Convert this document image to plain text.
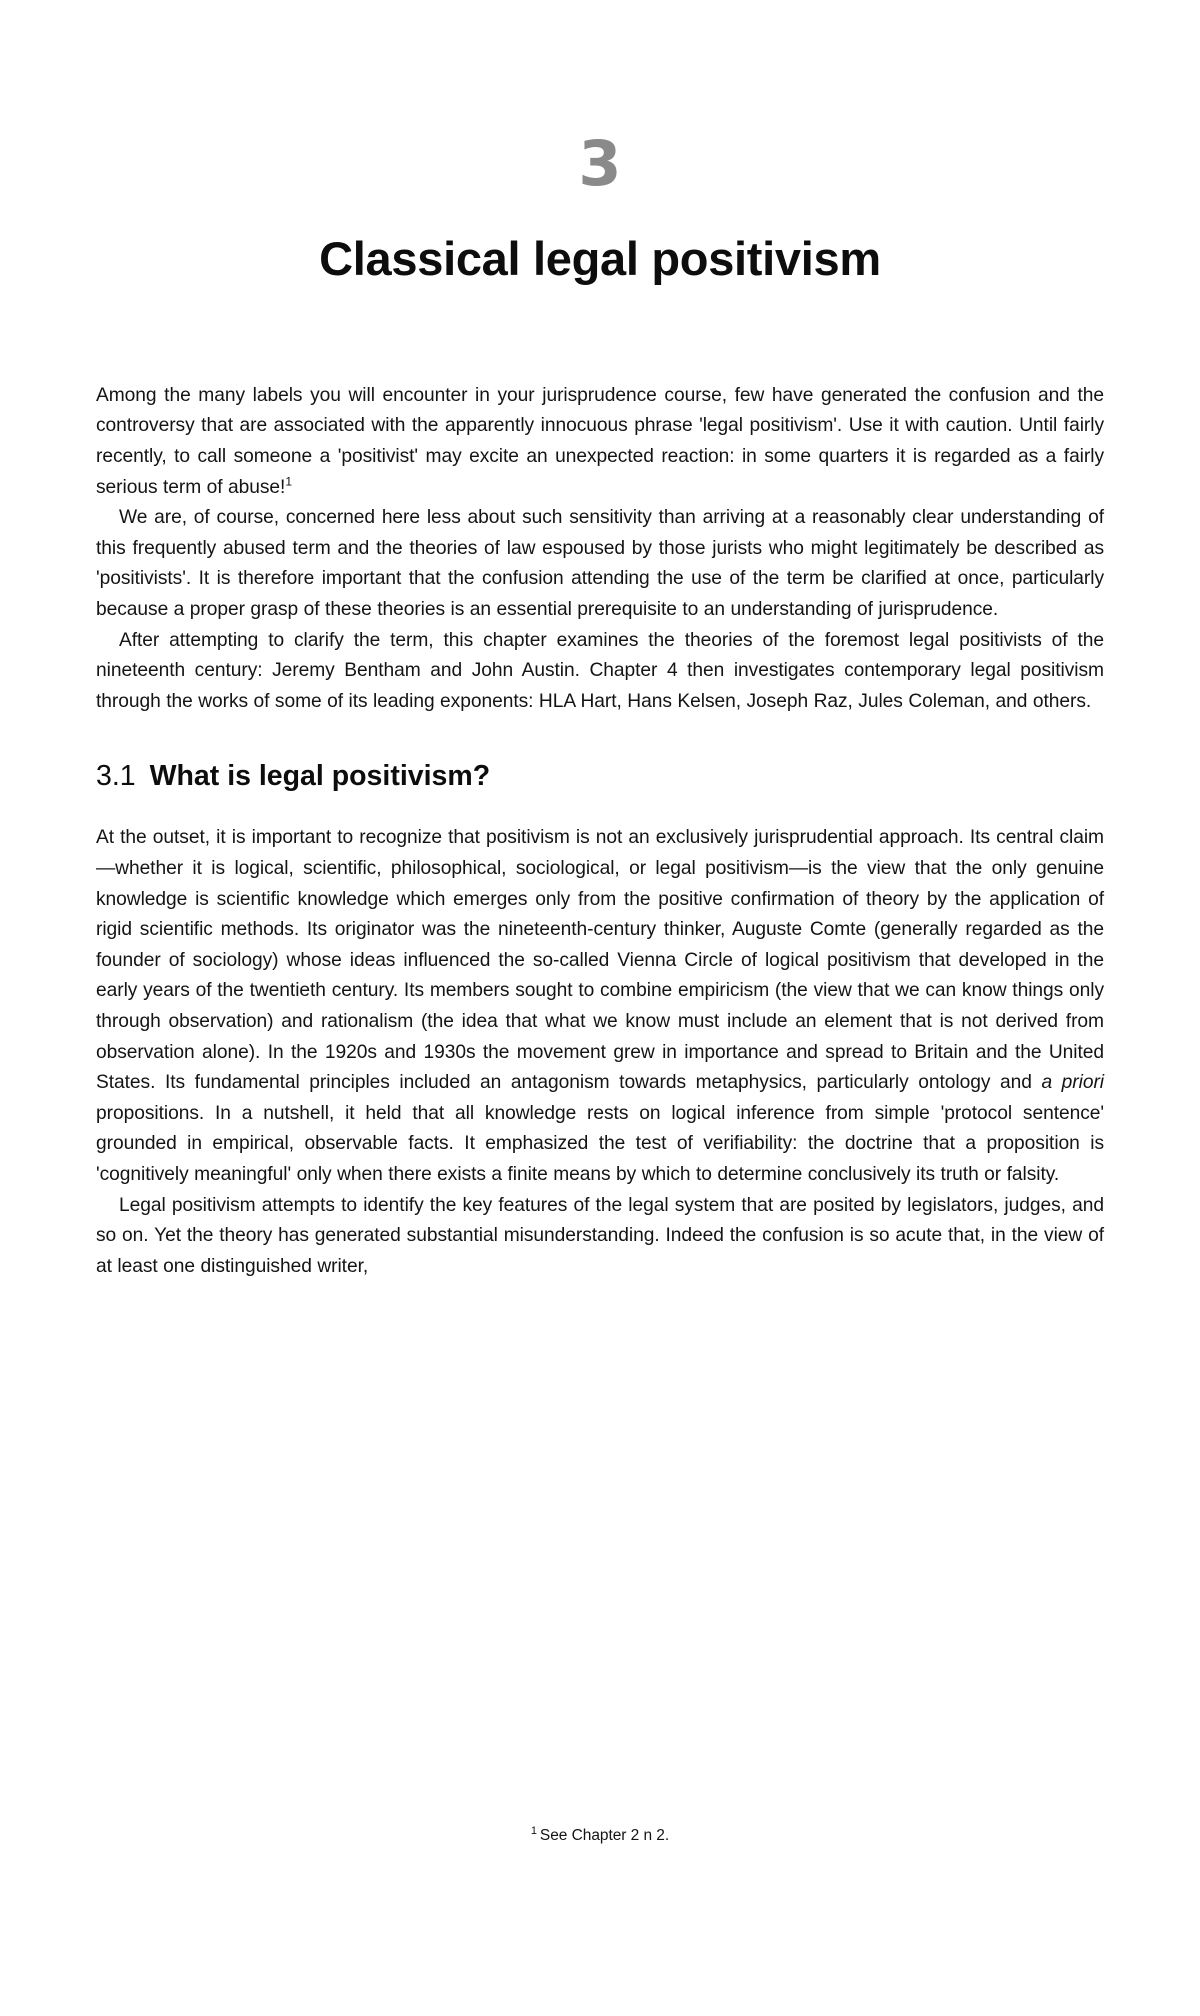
3
Classical legal positivism

Among the many labels you will encounter in your jurisprudence course, few have generated the confusion and the controversy that are associated with the apparently innocuous phrase 'legal positivism'. Use it with caution. Until fairly recently, to call someone a 'positivist' may excite an unexpected reaction: in some quarters it is regarded as a fairly serious term of abuse!$^1$

We are, of course, concerned here less about such sensitivity than arriving at a reasonably clear understanding of this frequently abused term and the theories of law espoused by those jurists who might legitimately be described as 'positivists'. It is therefore important that the confusion attending the use of the term be clarified at once, particularly because a proper grasp of these theories is an essential prerequisite to an understanding of jurisprudence.

After attempting to clarify the term, this chapter examines the theories of the foremost legal positivists of the nineteenth century: Jeremy Bentham and John Austin. Chapter 4 then investigates contemporary legal positivism through the works of some of its leading exponents: HLA Hart, Hans Kelsen, Joseph Raz, Jules Coleman, and others.

3.1 What is legal positivism?

At the outset, it is important to recognize that positivism is not an exclusively jurisprudential approach. Its central claim—whether it is logical, scientific, philosophical, sociological, or legal positivism—is the view that the only genuine knowledge is scientific knowledge which emerges only from the positive confirmation of theory by the application of rigid scientific methods. Its originator was the nineteenth-century thinker, Auguste Comte (generally regarded as the founder of sociology) whose ideas influenced the so-called Vienna Circle of logical positivism that developed in the early years of the twentieth century. Its members sought to combine empiricism (the view that we can know things only through observation) and rationalism (the idea that what we know must include an element that is not derived from observation alone). In the 1920s and 1930s the movement grew in importance and spread to Britain and the United States. Its fundamental principles included an antagonism towards metaphysics, particularly ontology and a priori propositions. In a nutshell, it held that all knowledge rests on logical inference from simple 'protocol sentence' grounded in empirical, observable facts. It emphasized the test of verifiability: the doctrine that a proposition is 'cognitively meaningful' only when there exists a finite means by which to determine conclusively its truth or falsity.

Legal positivism attempts to identify the key features of the legal system that are posited by legislators, judges, and so on. Yet the theory has generated substantial misunderstanding. Indeed the confusion is so acute that, in the view of at least one distinguished writer,

$^1$ See Chapter 2 n 2.
